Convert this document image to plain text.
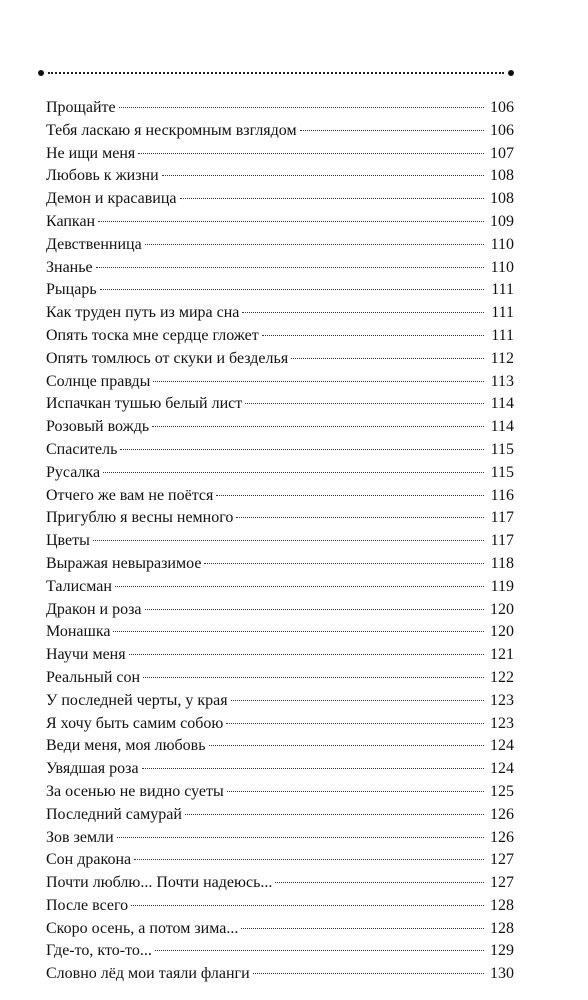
Прощайте	106
Тебя ласкаю я нескромным взглядом	106
Не ищи меня	107
Любовь к жизни	108
Демон и красавица	108
Капкан	109
Девственница	110
Знанье	110
Рыцарь	111
Как труден путь из мира сна	111
Опять тоска мне сердце гложет	111
Опять томлюсь от скуки и безделья	112
Солнце правды	113
Испачкан тушью белый лист	114
Розовый вождь	114
Спаситель	115
Русалка	115
Отчего же вам не поётся	116
Пригублю я весны немного	117
Цветы	117
Выражая невыразимое	118
Талисман	119
Дракон и роза	120
Монашка	120
Научи меня	121
Реальный сон	122
У последней черты, у края	123
Я хочу быть самим собою	123
Веди меня, моя любовь	124
Увядшая роза	124
За осенью не видно суеты	125
Последний самурай	126
Зов земли	126
Сон дракона	127
Почти люблю... Почти надеюсь...	127
После всего	128
Скоро осень, а потом зима...	128
Где-то, кто-то...	129
Словно лёд мои таяли фланги	130
